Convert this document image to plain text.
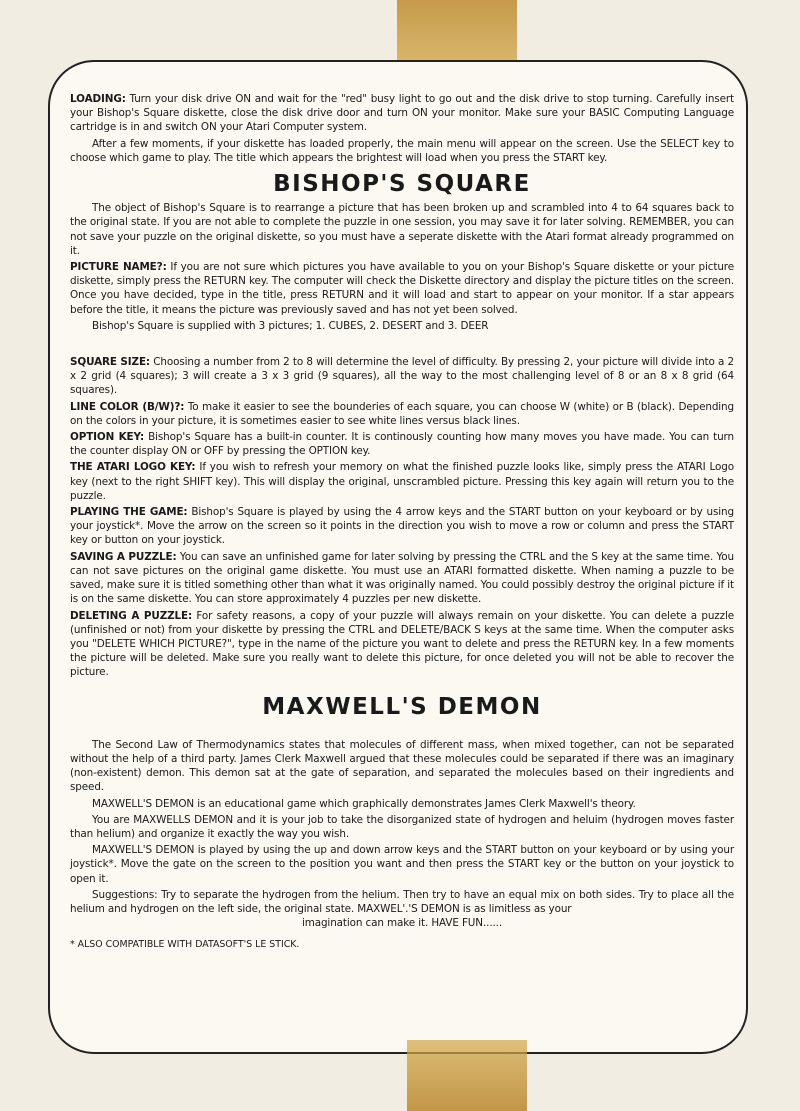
LOADING: Turn your disk drive ON and wait for the "red" busy light to go out and the disk drive to stop turning. Carefully insert your Bishop's Square diskette, close the disk drive door and turn ON your monitor. Make sure your BASIC Computing Language cartridge is in and switch ON your Atari Computer system.

After a few moments, if your diskette has loaded properly, the main menu will appear on the screen. Use the SELECT key to choose which game to play. The title which appears the brightest will load when you press the START key.

BISHOP'S SQUARE

The object of Bishop's Square is to rearrange a picture that has been broken up and scrambled into 4 to 64 squares back to the original state. If you are not able to complete the puzzle in one session, you may save it for later solving. REMEMBER, you can not save your puzzle on the original diskette, so you must have a seperate diskette with the Atari format already programmed on it.

PICTURE NAME?: If you are not sure which pictures you have available to you on your Bishop's Square diskette or your picture diskette, simply press the RETURN key. The computer will check the Diskette directory and display the picture titles on the screen. Once you have decided, type in the title, press RETURN and it will load and start to appear on your monitor. If a star appears before the title, it means the picture was previously saved and has not yet been solved.

Bishop's Square is supplied with 3 pictures; 1. CUBES, 2. DESERT and 3. DEER

SQUARE SIZE: Choosing a number from 2 to 8 will determine the level of difficulty. By pressing 2, your picture will divide into a 2 x 2 grid (4 squares); 3 will create a 3 x 3 grid (9 squares), all the way to the most challenging level of 8 or an 8 x 8 grid (64 squares).

LINE COLOR (B/W)?: To make it easier to see the bounderies of each square, you can choose W (white) or B (black). Depending on the colors in your picture, it is sometimes easier to see white lines versus black lines.

OPTION KEY: Bishop's Square has a built-in counter. It is continously counting how many moves you have made. You can turn the counter display ON or OFF by pressing the OPTION key.

THE ATARI LOGO KEY: If you wish to refresh your memory on what the finished puzzle looks like, simply press the ATARI Logo key (next to the right SHIFT key). This will display the original, unscrambled picture. Pressing this key again will return you to the puzzle.

PLAYING THE GAME: Bishop's Square is played by using the 4 arrow keys and the START button on your keyboard or by using your joystick*. Move the arrow on the screen so it points in the direction you wish to move a row or column and press the START key or button on your joystick.

SAVING A PUZZLE: You can save an unfinished game for later solving by pressing the CTRL and the S key at the same time. You can not save pictures on the original game diskette. You must use an ATARI formatted diskette. When naming a puzzle to be saved, make sure it is titled something other than what it was originally named. You could possibly destroy the original picture if it is on the same diskette. You can store approximately 4 puzzles per new diskette.

DELETING A PUZZLE: For safety reasons, a copy of your puzzle will always remain on your diskette. You can delete a puzzle (unfinished or not) from your diskette by pressing the CTRL and DELETE/BACK S keys at the same time. When the computer asks you "DELETE WHICH PICTURE?", type in the name of the picture you want to delete and press the RETURN key. In a few moments the picture will be deleted. Make sure you really want to delete this picture, for once deleted you will not be able to recover the picture.

MAXWELL'S DEMON

The Second Law of Thermodynamics states that molecules of different mass, when mixed together, can not be separated without the help of a third party. James Clerk Maxwell argued that these molecules could be separated if there was an imaginary (non-existent) demon. This demon sat at the gate of separation, and separated the molecules based on their ingredients and speed.

MAXWELL'S DEMON is an educational game which graphically demonstrates James Clerk Maxwell's theory.

You are MAXWELLS DEMON and it is your job to take the disorganized state of hydrogen and heluim (hydrogen moves faster than helium) and organize it exactly the way you wish.

MAXWELL'S DEMON is played by using the up and down arrow keys and the START button on your keyboard or by using your joystick*. Move the gate on the screen to the position you want and then press the START key or the button on your joystick to open it.

Suggestions: Try to separate the hydrogen from the helium. Then try to have an equal mix on both sides. Try to place all the helium and hydrogen on the left side, the original state. MAXWEL'.'S DEMON is as limitless as your

imagination can make it. HAVE FUN......

* ALSO COMPATIBLE WITH DATASOFT'S LE STICK.
